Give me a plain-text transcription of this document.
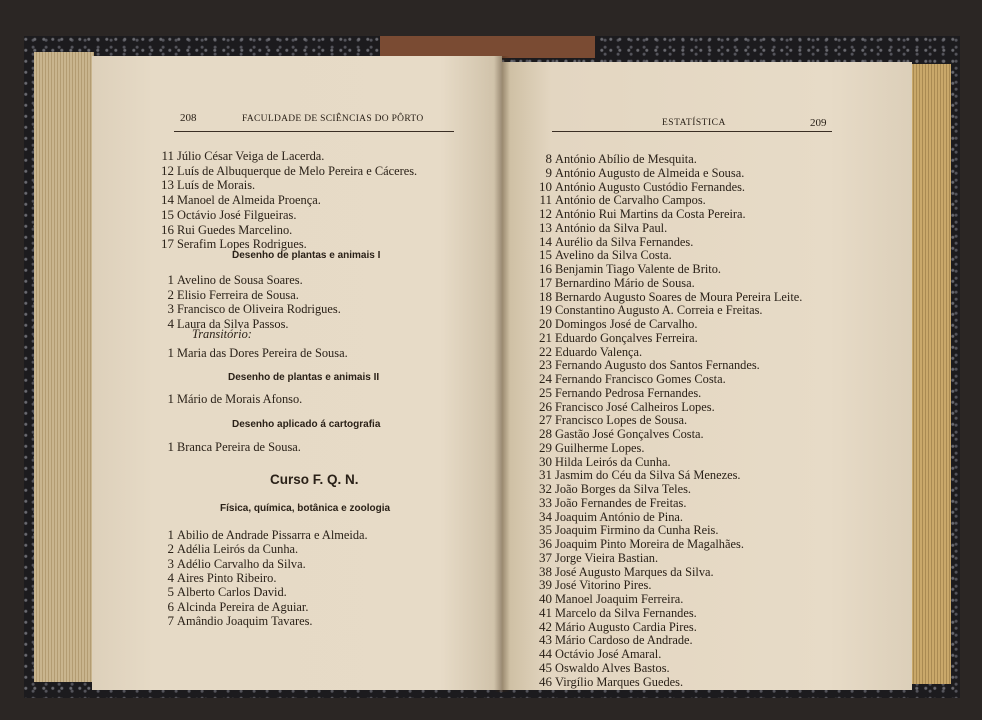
208	FACULDADE DE SCIÊNCIAS DO PÔRTO
11 Júlio César Veiga de Lacerda.
12 Luís de Albuquerque de Melo Pereira e Cáceres.
13 Luís de Morais.
14 Manoel de Almeida Proença.
15 Octávio José Filgueiras.
16 Rui Guedes Marcelino.
17 Serafim Lopes Rodrigues.
Desenho de plantas e animais I
1 Avelino de Sousa Soares.
2 Elisio Ferreira de Sousa.
3 Francisco de Oliveira Rodrigues.
4 Laura da Silva Passos.
Transitório:
1 Maria das Dores Pereira de Sousa.
Desenho de plantas e animais II
1 Mário de Morais Afonso.
Desenho aplicado á cartografia
1 Branca Pereira de Sousa.
Curso F. Q. N.
Física, química, botânica e zoologia
1 Abilio de Andrade Pissarra e Almeida.
2 Adélia Leirós da Cunha.
3 Adélio Carvalho da Silva.
4 Aires Pinto Ribeiro.
5 Alberto Carlos David.
6 Alcinda Pereira de Aguiar.
7 Amândio Joaquim Tavares.
ESTATÍSTICA	209
8 António Abílio de Mesquita.
9 António Augusto de Almeida e Sousa.
10 António Augusto Custódio Fernandes.
11 António de Carvalho Campos.
12 António Rui Martins da Costa Pereira.
13 António da Silva Paul.
14 Aurélio da Silva Fernandes.
15 Avelino da Silva Costa.
16 Benjamin Tiago Valente de Brito.
17 Bernardino Mário de Sousa.
18 Bernardo Augusto Soares de Moura Pereira Leite.
19 Constantino Augusto A. Correia e Freitas.
20 Domingos José de Carvalho.
21 Eduardo Gonçalves Ferreira.
22 Eduardo Valença.
23 Fernando Augusto dos Santos Fernandes.
24 Fernando Francisco Gomes Costa.
25 Fernando Pedrosa Fernandes.
26 Francisco José Calheiros Lopes.
27 Francisco Lopes de Sousa.
28 Gastão José Gonçalves Costa.
29 Guilherme Lopes.
30 Hilda Leirós da Cunha.
31 Jasmim do Céu da Silva Sá Menezes.
32 João Borges da Silva Teles.
33 João Fernandes de Freitas.
34 Joaquim António de Pina.
35 Joaquim Firmino da Cunha Reis.
36 Joaquim Pinto Moreira de Magalhães.
37 Jorge Vieira Bastian.
38 José Augusto Marques da Silva.
39 José Vitorino Pires.
40 Manoel Joaquim Ferreira.
41 Marcelo da Silva Fernandes.
42 Mário Augusto Cardia Pires.
43 Mário Cardoso de Andrade.
44 Octávio José Amaral.
45 Oswaldo Alves Bastos.
46 Virgílio Marques Guedes.
